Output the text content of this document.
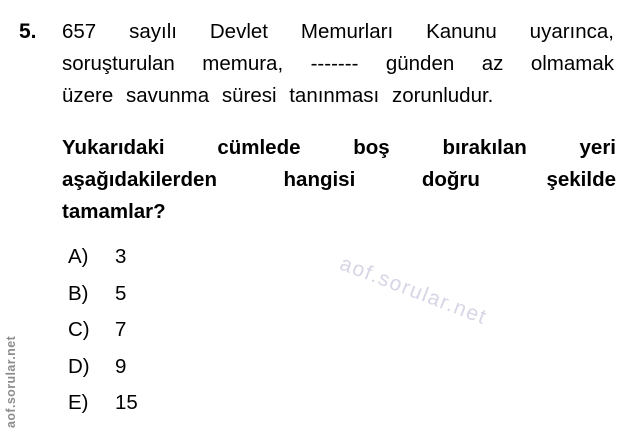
aof.sorular.net
aof.sorular.net
5. 657 sayılı Devlet Memurları Kanunu uyarınca,
soruşturulan memura, ------- günden az olmamak
üzere savunma süresi tanınması zorunludur.
Yukarıdaki cümlede boş bırakılan yeri
aşağıdakilerden hangisi doğru şekilde
tamamlar?
A)	3
B)	5
C)	7
D)	9
E)	15
